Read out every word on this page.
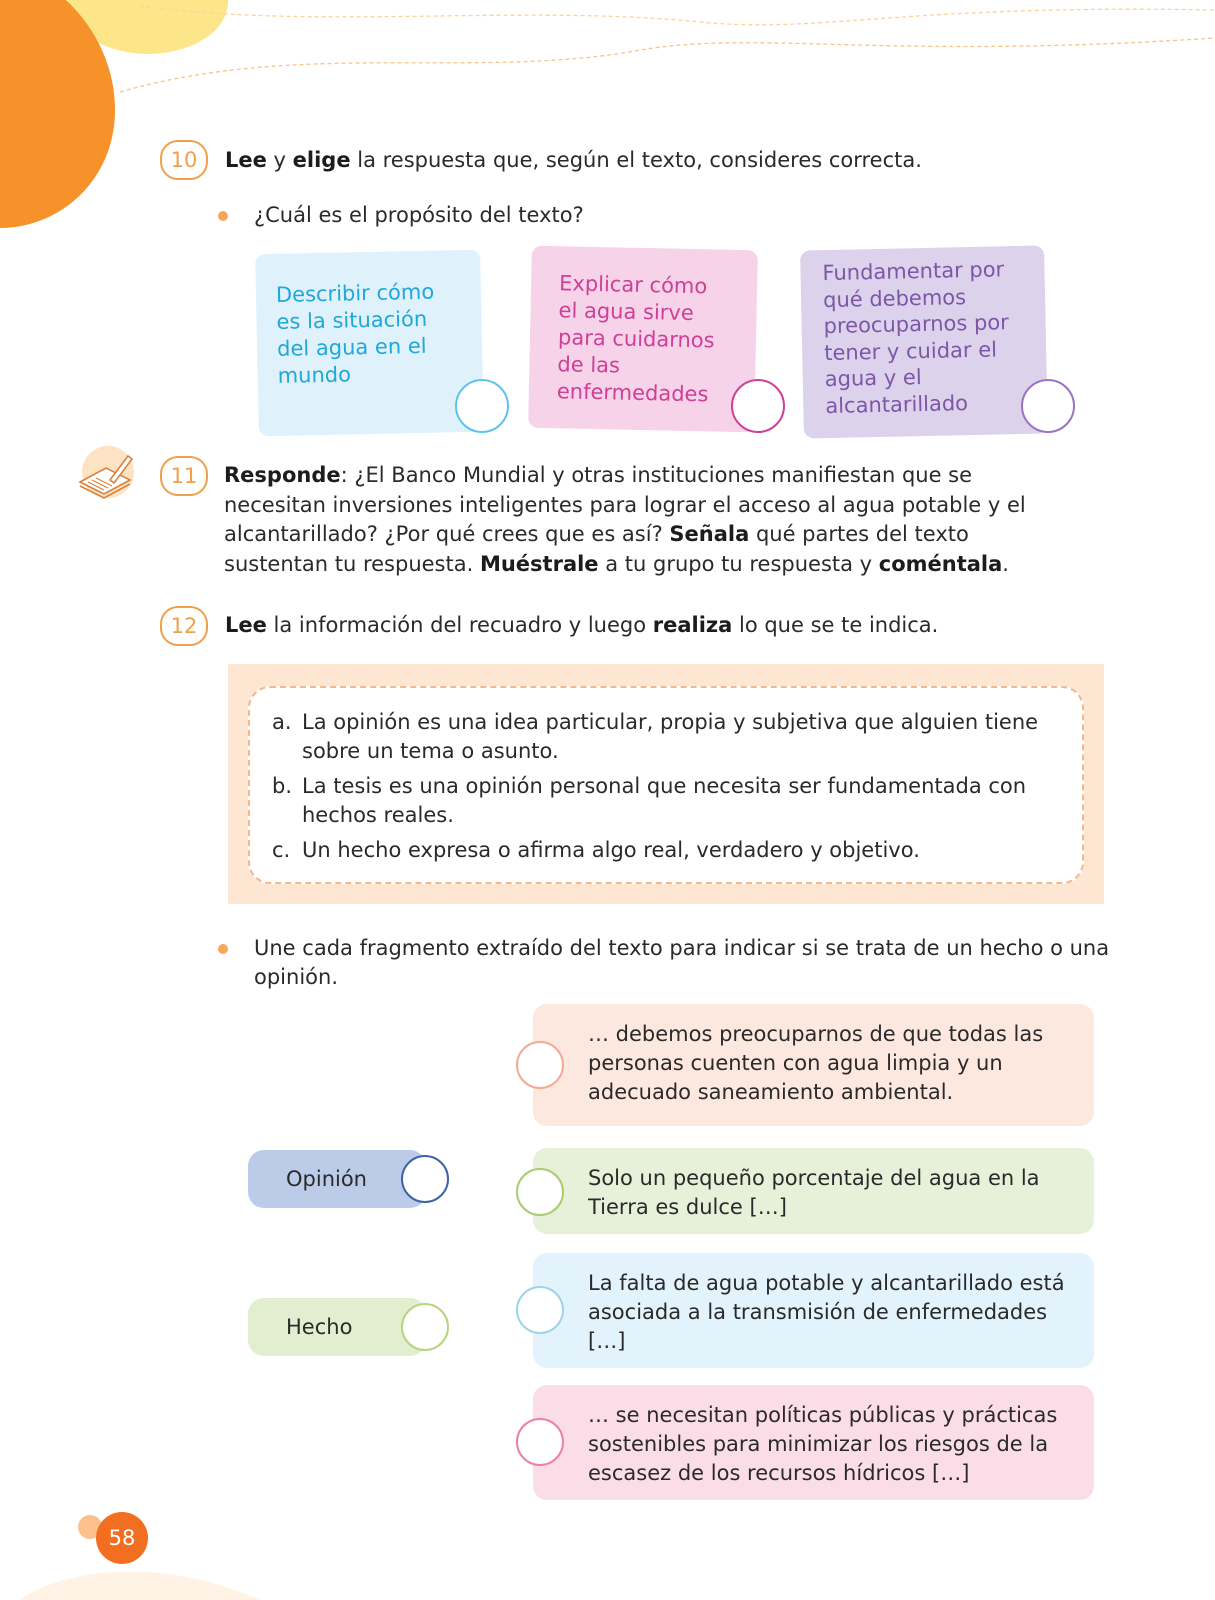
10	Lee y elige la respuesta que, según el texto, consideres correcta.
¿Cuál es el propósito del texto?
Describir cómo es la situación del agua en el mundo
Explicar cómo el agua sirve para cuidarnos de las enfermedades
Fundamentar por qué debemos preocuparnos por tener y cuidar el agua y el alcantarillado
11	Responde: ¿El Banco Mundial y otras instituciones manifiestan que se necesitan inversiones inteligentes para lograr el acceso al agua potable y el alcantarillado? ¿Por qué crees que es así? Señala qué partes del texto sustentan tu respuesta. Muéstrale a tu grupo tu respuesta y coméntala.
12	Lee la información del recuadro y luego realiza lo que se te indica.
a. La opinión es una idea particular, propia y subjetiva que alguien tiene sobre un tema o asunto.
b. La tesis es una opinión personal que necesita ser fundamentada con hechos reales.
c. Un hecho expresa o afirma algo real, verdadero y objetivo.
Une cada fragmento extraído del texto para indicar si se trata de un hecho o una opinión.
… debemos preocuparnos de que todas las personas cuenten con agua limpia y un adecuado saneamiento ambiental.
Solo un pequeño porcentaje del agua en la Tierra es dulce […]
La falta de agua potable y alcantarillado está asociada a la transmisión de enfermedades […]
… se necesitan políticas públicas y prácticas sostenibles para minimizar los riesgos de la escasez de los recursos hídricos […]
Opinión
Hecho
58
